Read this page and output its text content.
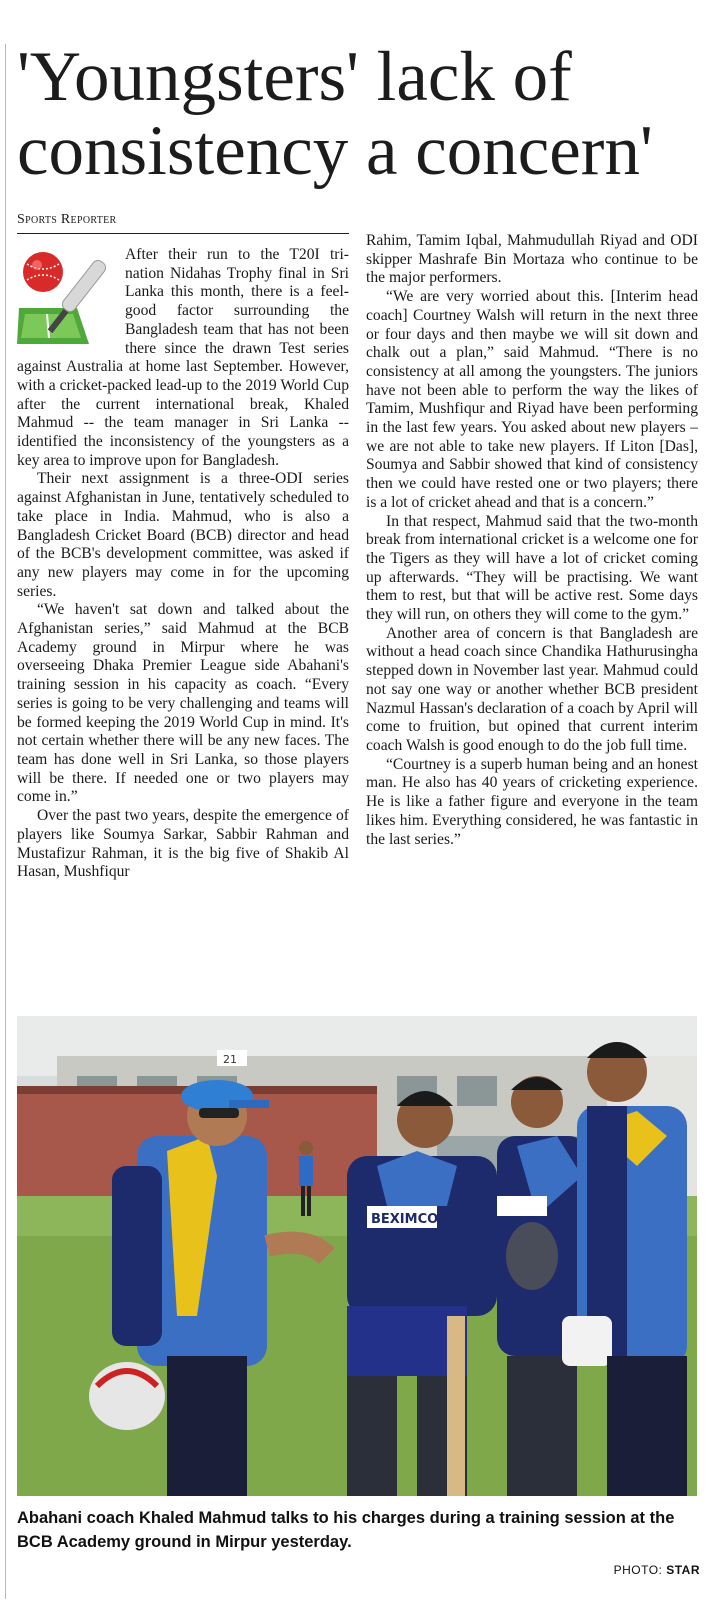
'Youngsters' lack of
consistency a concern'
Sports Reporter

After their run to the T20I tri-nation Nidahas Trophy final in Sri Lanka this month, there is a feel-good factor surrounding the Bangladesh team that has not been there since the drawn Test series against Australia at home last September. However, with a cricket-packed lead-up to the 2019 World Cup after the current international break, Khaled Mahmud -- the team manager in Sri Lanka -- identified the inconsistency of the youngsters as a key area to improve upon for Bangladesh.

Their next assignment is a three-ODI series against Afghanistan in June, tentatively scheduled to take place in India. Mahmud, who is also a Bangladesh Cricket Board (BCB) director and head of the BCB's development committee, was asked if any new players may come in for the upcoming series.

“We haven't sat down and talked about the Afghanistan series,” said Mahmud at the BCB Academy ground in Mirpur where he was overseeing Dhaka Premier League side Abahani's training session in his capacity as coach. “Every series is going to be very challenging and teams will be formed keeping the 2019 World Cup in mind. It's not certain whether there will be any new faces. The team has done well in Sri Lanka, so those players will be there. If needed one or two players may come in.”

Over the past two years, despite the emergence of players like Soumya Sarkar, Sabbir Rahman and Mustafizur Rahman, it is the big five of Shakib Al Hasan, Mushfiqur

Rahim, Tamim Iqbal, Mahmudullah Riyad and ODI skipper Mashrafe Bin Mortaza who continue to be the major performers.

“We are very worried about this. [Interim head coach] Courtney Walsh will return in the next three or four days and then maybe we will sit down and chalk out a plan,” said Mahmud. “There is no consistency at all among the youngsters. The juniors have not been able to perform the way the likes of Tamim, Mushfiqur and Riyad have been performing in the last few years. You asked about new players – we are not able to take new players. If Liton [Das], Soumya and Sabbir showed that kind of consistency then we could have rested one or two players; there is a lot of cricket ahead and that is a concern.”

In that respect, Mahmud said that the two-month break from international cricket is a welcome one for the Tigers as they will have a lot of cricket coming up afterwards. “They will be practising. We want them to rest, but that will be active rest. Some days they will run, on others they will come to the gym.”

Another area of concern is that Bangladesh are without a head coach since Chandika Hathurusingha stepped down in November last year. Mahmud could not say one way or another whether BCB president Nazmul Hassan's declaration of a coach by April will come to fruition, but opined that current interim coach Walsh is good enough to do the job full time.

“Courtney is a superb human being and an honest man. He also has 40 years of cricketing experience. He is like a father figure and everyone in the team likes him. Everything considered, he was fantastic in the last series.”

21
BEXIMCO
Abahani coach Khaled Mahmud talks to his charges during a training session at the BCB Academy ground in Mirpur yesterday.
PHOTO: STAR
